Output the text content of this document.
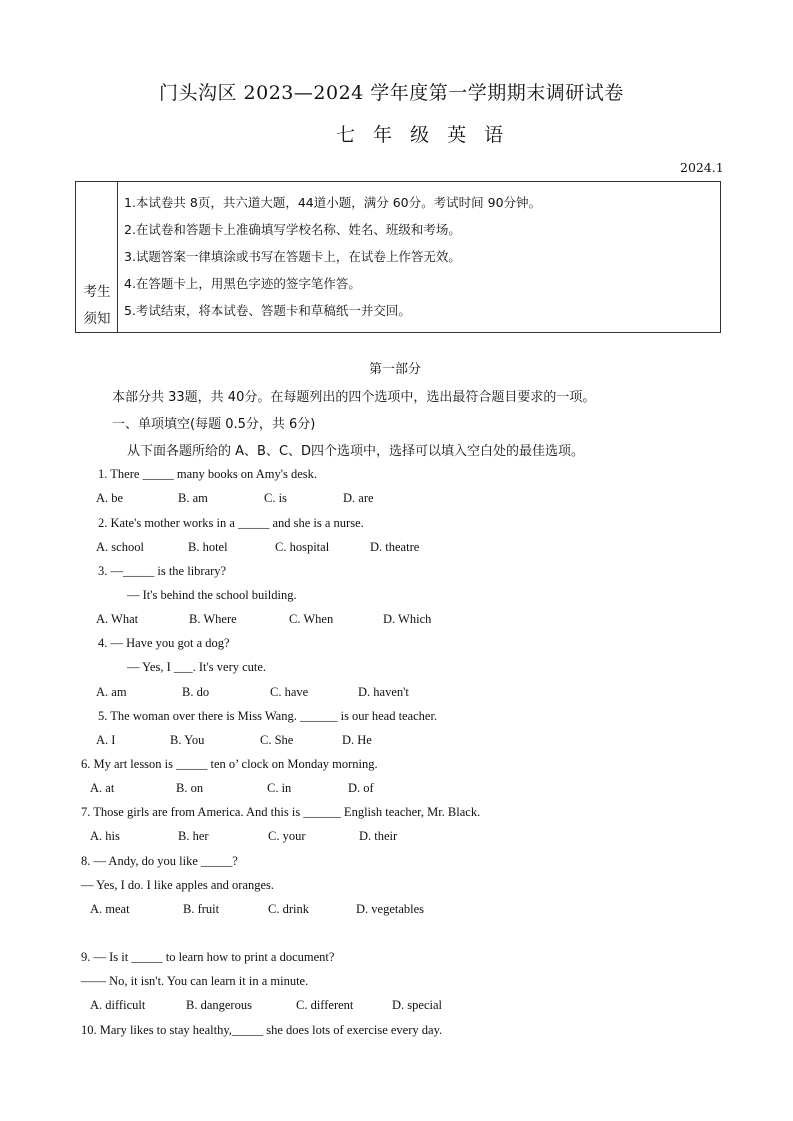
门头沟区 2023—2024 学年度第一学期期末调研试卷
七 年 级 英 语
2024.1
考生
须知
1.本试卷共 8页，共六道大题，44道小题，满分 60分。考试时间 90分钟。
2.在试卷和答题卡上准确填写学校名称、姓名、班级和考场。
3.试题答案一律填涂或书写在答题卡上，在试卷上作答无效。
4.在答题卡上，用黑色字迹的签字笔作答。
5.考试结束，将本试卷、答题卡和草稿纸一并交回。
第一部分
本部分共 33题，共 40分。在每题列出的四个选项中，选出最符合题目要求的一项。
一、单项填空(每题 0.5分，共 6分)
从下面各题所给的 A、B、C、D四个选项中，选择可以填入空白处的最佳选项。
1. There _____ many books on Amy's desk.
A. be	B. am	C. is	D. are
2. Kate's mother works in a _____ and she is a nurse.
A. school	B. hotel	C. hospital	D. theatre
3. —_____ is the library?
— It's behind the school building.
A. What	B. Where	C. When	D. Which
4. — Have you got a dog?
— Yes, I ___. It's very cute.
A. am	B. do	C. have	D. haven't
5. The woman over there is Miss Wang. ______ is our head teacher.
A. I	B. You	C. She	D. He
6. My art lesson is _____ ten o’ clock on Monday morning.
A. at	B. on	C. in	D. of
7. Those girls are from America. And this is ______ English teacher, Mr. Black.
A. his	B. her	C. your	D. their
8. — Andy, do you like _____?
— Yes, I do. I like apples and oranges.
A. meat	B. fruit	C. drink	D. vegetables
9. — Is it _____ to learn how to print a document?
—— No, it isn't. You can learn it in a minute.
A. difficult	B. dangerous	C. different	D. special
10. Mary likes to stay healthy,_____ she does lots of exercise every day.
